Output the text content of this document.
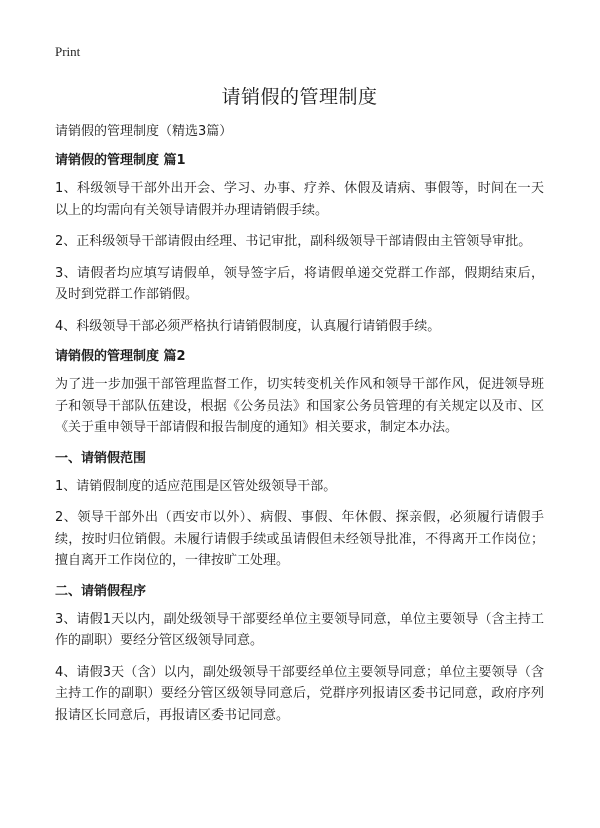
Print
请销假的管理制度
请销假的管理制度（精选3篇）
请销假的管理制度 篇1

1、科级领导干部外出开会、学习、办事、疗养、休假及请病、事假等，时间在一天以上的均需向有关领导请假并办理请销假手续。

2、正科级领导干部请假由经理、书记审批，副科级领导干部请假由主管领导审批。

3、请假者均应填写请假单，领导签字后，将请假单递交党群工作部，假期结束后，及时到党群工作部销假。

4、科级领导干部必须严格执行请销假制度，认真履行请销假手续。

请销假的管理制度 篇2

为了进一步加强干部管理监督工作，切实转变机关作风和领导干部作风，促进领导班子和领导干部队伍建设，根据《公务员法》和国家公务员管理的有关规定以及市、区《关于重申领导干部请假和报告制度的通知》相关要求，制定本办法。

一、请销假范围

1、请销假制度的适应范围是区管处级领导干部。

2、领导干部外出（西安市以外）、病假、事假、年休假、探亲假，必须履行请假手续，按时归位销假。未履行请假手续或虽请假但未经领导批准，不得离开工作岗位；擅自离开工作岗位的，一律按旷工处理。

二、请销假程序

3、请假1天以内，副处级领导干部要经单位主要领导同意，单位主要领导（含主持工作的副职）要经分管区级领导同意。

4、请假3天（含）以内，副处级领导干部要经单位主要领导同意；单位主要领导（含主持工作的副职）要经分管区级领导同意后，党群序列报请区委书记同意，政府序列报请区长同意后，再报请区委书记同意。
